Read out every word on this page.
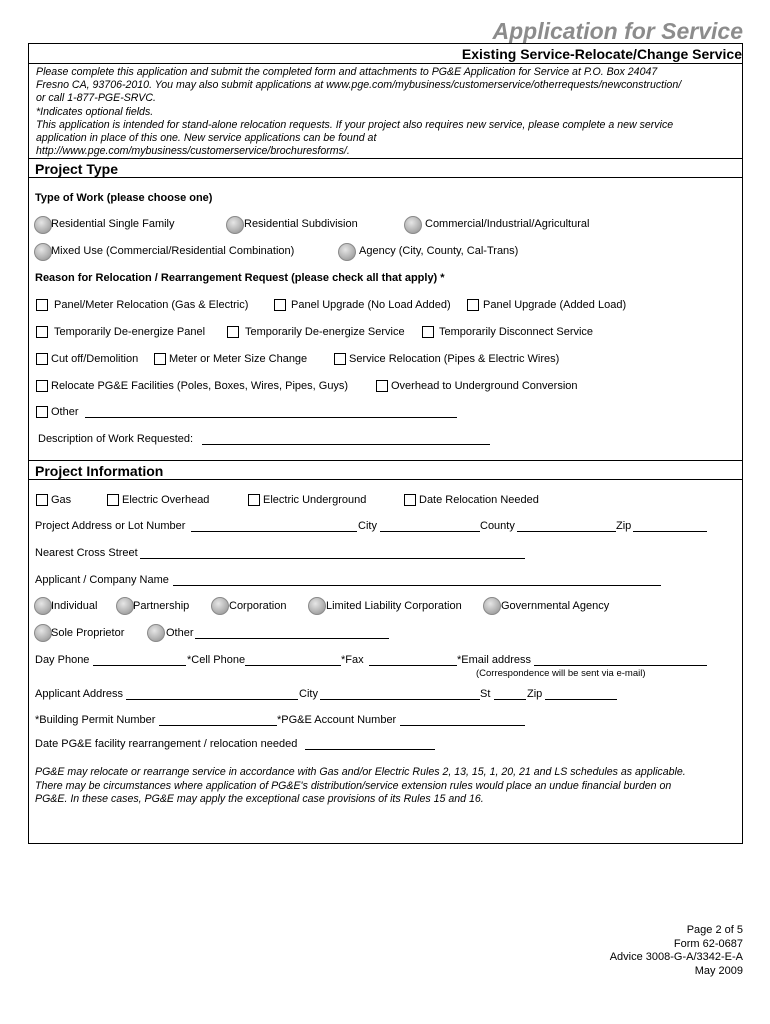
Application for Service
Existing Service-Relocate/Change Service
Please complete this application and submit the completed form and attachments to PG&E Application for Service at P.O. Box 24047
Fresno CA, 93706-2010. You may also submit applications at www.pge.com/mybusiness/customerservice/otherrequests/newconstruction/
or call 1-877-PGE-SRVC.
*Indicates optional fields.
This application is intended for stand-alone relocation requests. If your project also requires new service, please complete a new service
application in place of this one. New service applications can be found at
http://www.pge.com/mybusiness/customerservice/brochuresforms/.
Project Type
Type of Work (please choose one)
Residential Single Family	Residential Subdivision	Commercial/Industrial/Agricultural
Mixed Use (Commercial/Residential Combination)	Agency (City, County, Cal-Trans)
Reason for Relocation / Rearrangement Request (please check all that apply) *
Panel/Meter Relocation (Gas & Electric)	Panel Upgrade (No Load Added)	Panel Upgrade (Added Load)
Temporarily De-energize Panel	Temporarily De-energize Service	Temporarily Disconnect Service
Cut off/Demolition	Meter or Meter Size Change	Service Relocation (Pipes & Electric Wires)
Relocate PG&E Facilities (Poles, Boxes, Wires, Pipes, Guys)	Overhead to Underground Conversion
Other
Description of Work Requested:
Project Information
Gas	Electric Overhead	Electric Underground	Date Relocation Needed
Project Address or Lot Number	City	County	Zip
Nearest Cross Street
Applicant / Company Name
Individual	Partnership	Corporation	Limited Liability Corporation	Governmental Agency
Sole Proprietor	Other
Day Phone	*Cell Phone	*Fax	*Email address
(Correspondence will be sent via e-mail)
Applicant Address	City	St	Zip
*Building Permit Number	*PG&E Account Number
Date PG&E facility rearrangement / relocation needed
PG&E may relocate or rearrange service in accordance with Gas and/or Electric Rules 2, 13, 15, 1, 20, 21 and LS schedules as applicable.
There may be circumstances where application of PG&E's distribution/service extension rules would place an undue financial burden on
PG&E. In these cases, PG&E may apply the exceptional case provisions of its Rules 15 and 16.
Page 2 of 5
Form 62-0687
Advice 3008-G-A/3342-E-A
May 2009
